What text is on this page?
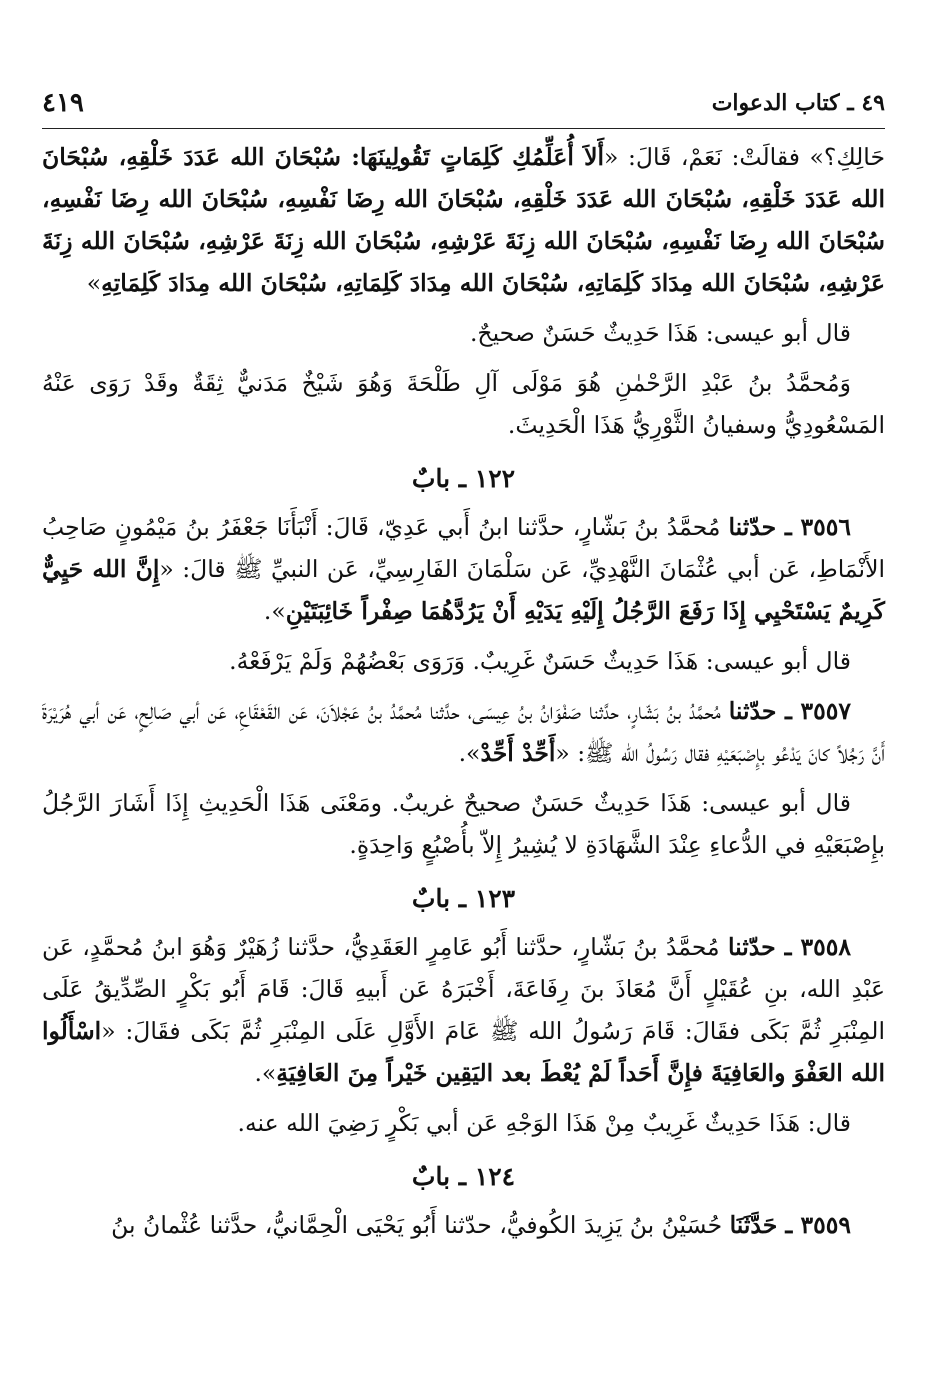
٤١٩	٤٩ ـ كتاب الدعوات

حَالِكِ؟» فقالَتْ: نَعَمْ، قَالَ: «أَلاَ أُعَلِّمُكِ كَلِمَاتٍ تَقُولِينَهَا: سُبْحَانَ الله عَدَدَ خَلْقِهِ، سُبْحَانَ الله عَدَدَ خَلْقِهِ، سُبْحَانَ الله عَدَدَ خَلْقِهِ، سُبْحَانَ الله رِضَا نَفْسِهِ، سُبْحَانَ الله رِضَا نَفْسِهِ، سُبْحَانَ الله رِضَا نَفْسِهِ، سُبْحَانَ الله زِنَةَ عَرْشِهِ، سُبْحَانَ الله زِنَةَ عَرْشِهِ، سُبْحَانَ الله زِنَةَ عَرْشِهِ، سُبْحَانَ الله مِدَادَ كَلِمَاتِهِ، سُبْحَانَ الله مِدَادَ كَلِمَاتِهِ، سُبْحَانَ الله مِدَادَ كَلِمَاتِهِ»

قال أبو عيسى: هَذَا حَدِيثٌ حَسَنٌ صحيحٌ.

وَمُحمَّدُ بنُ عَبْدِ الرَّحْمٰنِ هُوَ مَوْلَى آلِ طَلْحَةَ وَهُوَ شَيْخٌ مَدَنيٌّ ثِقَةٌ وقَدْ رَوَى عَنْهُ المَسْعُودِيُّ وسفيانُ الثَّوْرِيُّ هَذَا الْحَدِيثَ.

١٢٢ ـ بابٌ

٣٥٥٦ ـ حدّثنا مُحمَّدُ بنُ بَشّارٍ، حدَّثنا ابنُ أَبي عَدِيّ، قَالَ: أَنْبَأَنَا جَعْفَرُ بنُ مَيْمُونٍ صَاحِبُ الأَنْمَاطِ، عَن أبي عُثْمَانَ النَّهْدِيِّ، عَن سَلْمَانَ الفَارِسِيِّ، عَن النبيِّ ﷺ قالَ: «إِنَّ الله حَيِيٌّ كَرِيمٌ يَسْتَحْيِي إِذَا رَفَعَ الرَّجُلُ إِلَيْهِ يَدَيْهِ أَنْ يَرُدَّهُمَا صِفْراً خَائِبَتَيْنِ».

قال أبو عيسى: هَذَا حَدِيثٌ حَسَنٌ غَرِيبٌ. وَرَوَى بَعْضُهُمْ وَلَمْ يَرْفَعْهُ.

٣٥٥٧ ـ حدّثنا مُحمَّدُ بنُ بَشّارٍ، حدَّثنا صَفْوَانُ بنُ عِيسَى، حدَّثنا مُحمَّدُ بنُ عَجْلاَنَ، عَن القَعْقَاعِ، عَن أبي صَالِحٍ، عَن أبي هُرَيْرَةَ أَنَّ رَجُلاً كانَ يَدْعُو بإِصْبَعَيْهِ فقال رَسُولُ الله ﷺ: «أَحِّدْ أَحِّدْ».

قال أبو عيسى: هَذَا حَدِيثٌ حَسَنٌ صحيحٌ غريبٌ. ومَعْنَى هَذَا الْحَدِيثِ إِذَا أَشَارَ الرَّجُلُ بإِصْبَعَيْهِ في الدُّعاءِ عِنْدَ الشَّهَادَةِ لا يُشِيرُ إِلاّ بأُصْبُعٍ وَاحِدَةٍ.

١٢٣ ـ بابٌ

٣٥٥٨ ـ حدّثنا مُحمَّدُ بنُ بَشّارٍ، حدَّثنا أَبُو عَامِرٍ العَقَدِيُّ، حدَّثنا زُهَيْرٌ وَهُوَ ابنُ مُحمَّدٍ، عَن عَبْدِ الله، بنِ عُقَيْلٍ أَنَّ مُعَاذَ بنَ رِفَاعَةَ، أَخْبَرَهُ عَن أَبيهِ قَالَ: قَامَ أَبُو بَكْرٍ الصِّدِّيقُ عَلَى المِنْبَرِ ثُمَّ بَكَى فقَالَ: قَامَ رَسُولُ الله ﷺ عَامَ الأَوَّلِ عَلَى المِنْبَرِ ثُمَّ بَكَى فقَالَ: «اسْأَلُوا الله العَفْوَ والعَافِيَةَ فإِنَّ أَحَداً لَمْ يُعْطَ بعد اليَقِين خَيْراً مِنَ العَافِيَةِ».

قال: هَذَا حَدِيثٌ غَرِيبٌ مِنْ هَذَا الوَجْهِ عَن أبي بَكْرٍ رَضِيَ الله عنه.

١٢٤ ـ بابٌ

٣٥٥٩ ـ حَدَّثَنَا حُسَيْنُ بنُ يَزِيدَ الكُوفيُّ، حدّثنا أَبُو يَحْيَى الْحِمَّانيُّ، حدَّثنا عُثْمانُ بنُ
